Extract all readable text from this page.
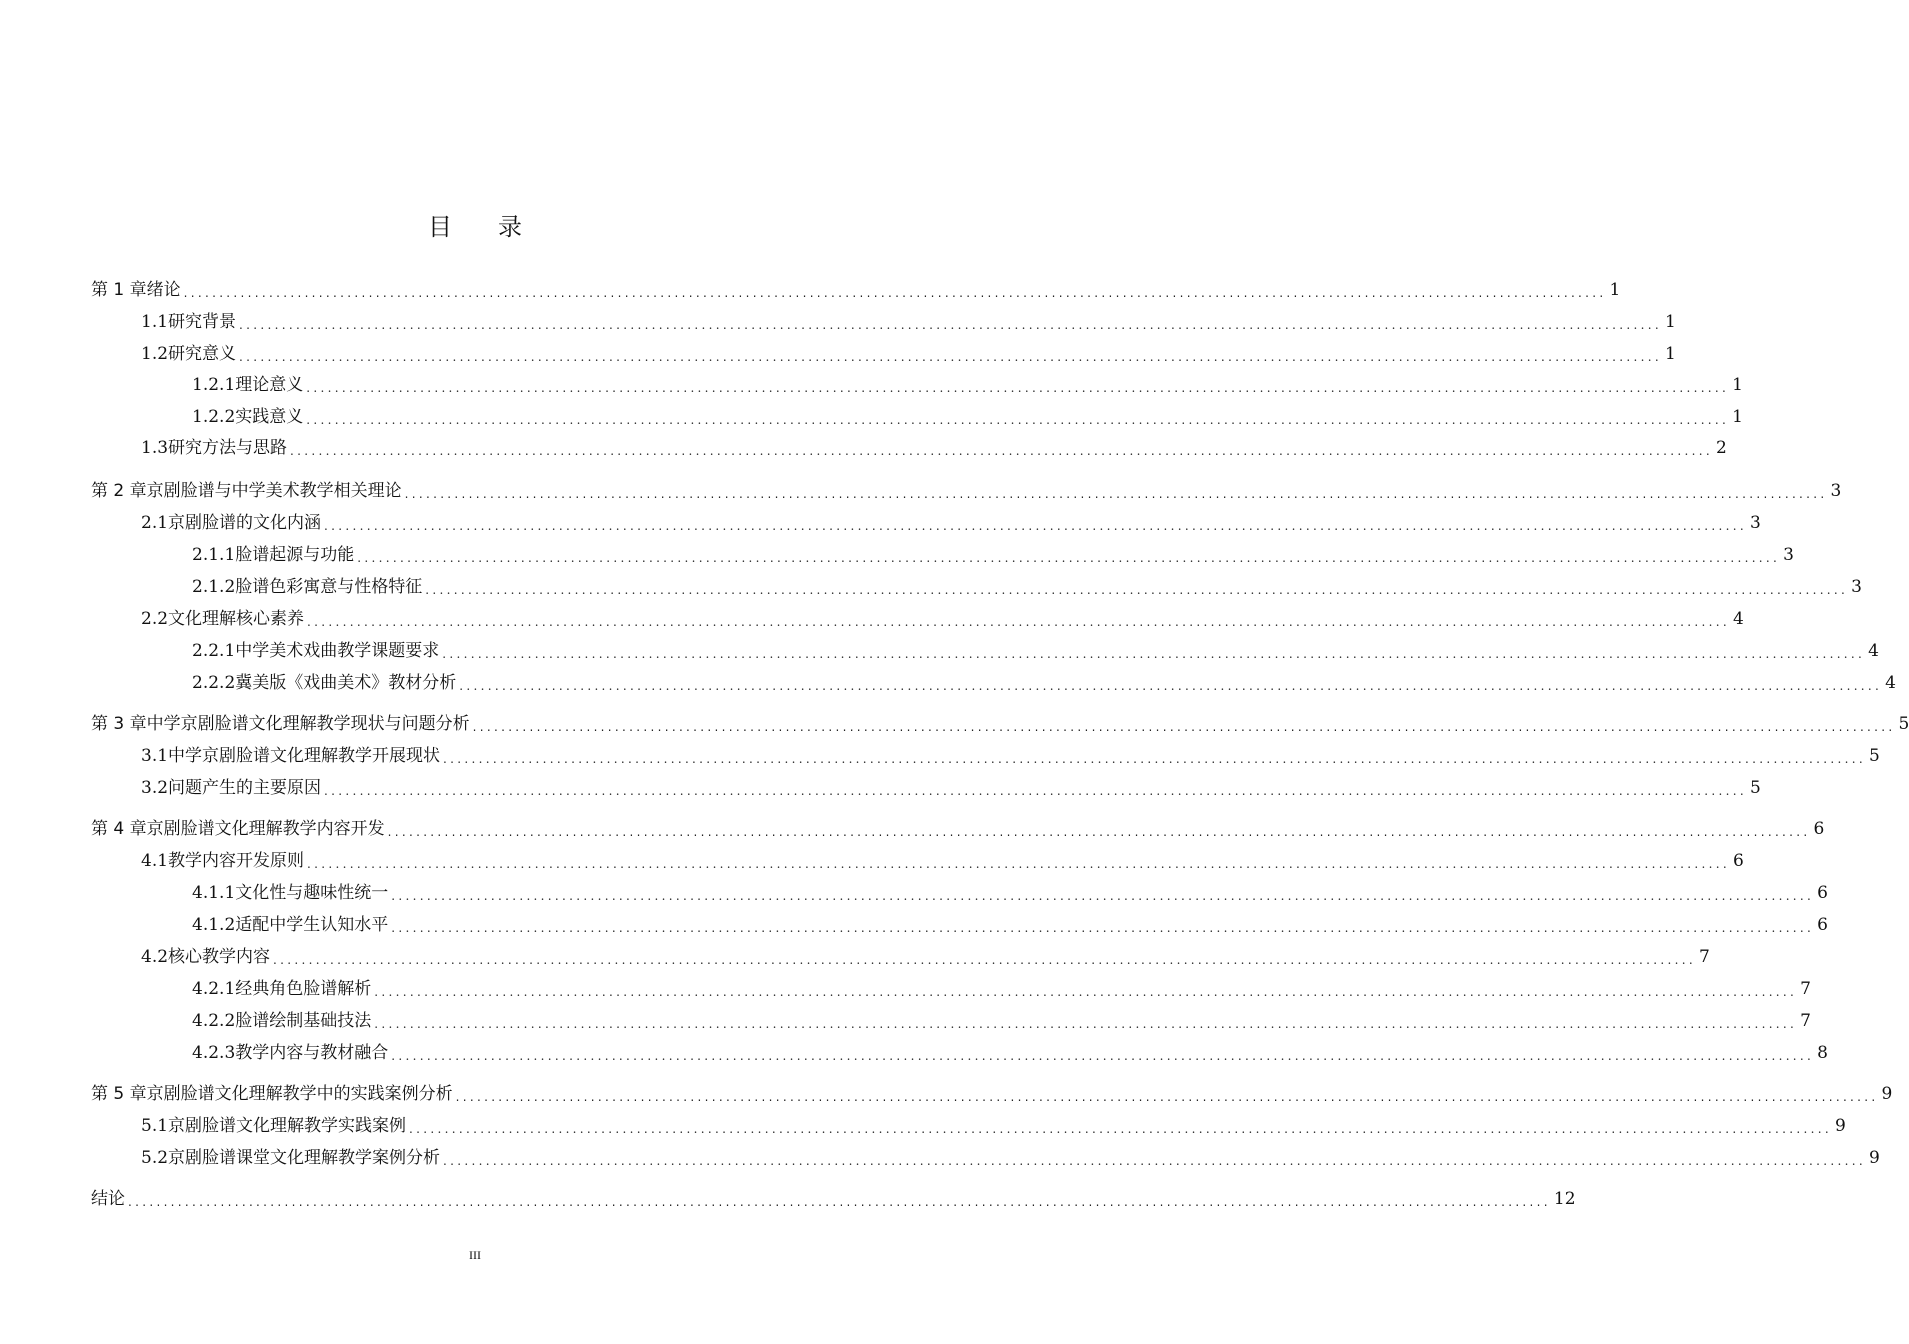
目 录
第 1 章 绪论 ........................................................................................................................................................................................................ 1
1.1 研究背景 ........................................................................................................................................................................................................ 1
1.2 研究意义 ........................................................................................................................................................................................................ 1
1.2.1 理论意义 ........................................................................................................................................................................................................ 1
1.2.2 实践意义 ........................................................................................................................................................................................................ 1
1.3 研究方法与思路 ........................................................................................................................................................................................................ 2
第 2 章 京剧脸谱与中学美术教学相关理论 ........................................................................................................................................................................................................ 3
2.1 京剧脸谱的文化内涵 ........................................................................................................................................................................................................ 3
2.1.1 脸谱起源与功能 ........................................................................................................................................................................................................ 3
2.1.2 脸谱色彩寓意与性格特征 ........................................................................................................................................................................................................ 3
2.2 文化理解核心素养 ........................................................................................................................................................................................................ 4
2.2.1 中学美术戏曲教学课题要求 ........................................................................................................................................................................................................ 4
2.2.2 冀美版《戏曲美术》教材分析 ........................................................................................................................................................................................................ 4
第 3 章 中学京剧脸谱文化理解教学现状与问题分析 ........................................................................................................................................................................................................ 5
3.1 中学京剧脸谱文化理解教学开展现状 ........................................................................................................................................................................................................ 5
3.2 问题产生的主要原因 ........................................................................................................................................................................................................ 5
第 4 章 京剧脸谱文化理解教学内容开发 ........................................................................................................................................................................................................ 6
4.1 教学内容开发原则 ........................................................................................................................................................................................................ 6
4.1.1 文化性与趣味性统一 ........................................................................................................................................................................................................ 6
4.1.2 适配中学生认知水平 ........................................................................................................................................................................................................ 6
4.2 核心教学内容 ........................................................................................................................................................................................................ 7
4.2.1 经典角色脸谱解析 ........................................................................................................................................................................................................ 7
4.2.2 脸谱绘制基础技法 ........................................................................................................................................................................................................ 7
4.2.3 教学内容与教材融合 ........................................................................................................................................................................................................ 8
第 5 章 京剧脸谱文化理解教学中的实践案例分析 ........................................................................................................................................................................................................ 9
5.1 京剧脸谱文化理解教学实践案例 ........................................................................................................................................................................................................ 9
5.2 京剧脸谱课堂文化理解教学案例分析 ........................................................................................................................................................................................................ 9
结论 ........................................................................................................................................................................................................ 12
III
